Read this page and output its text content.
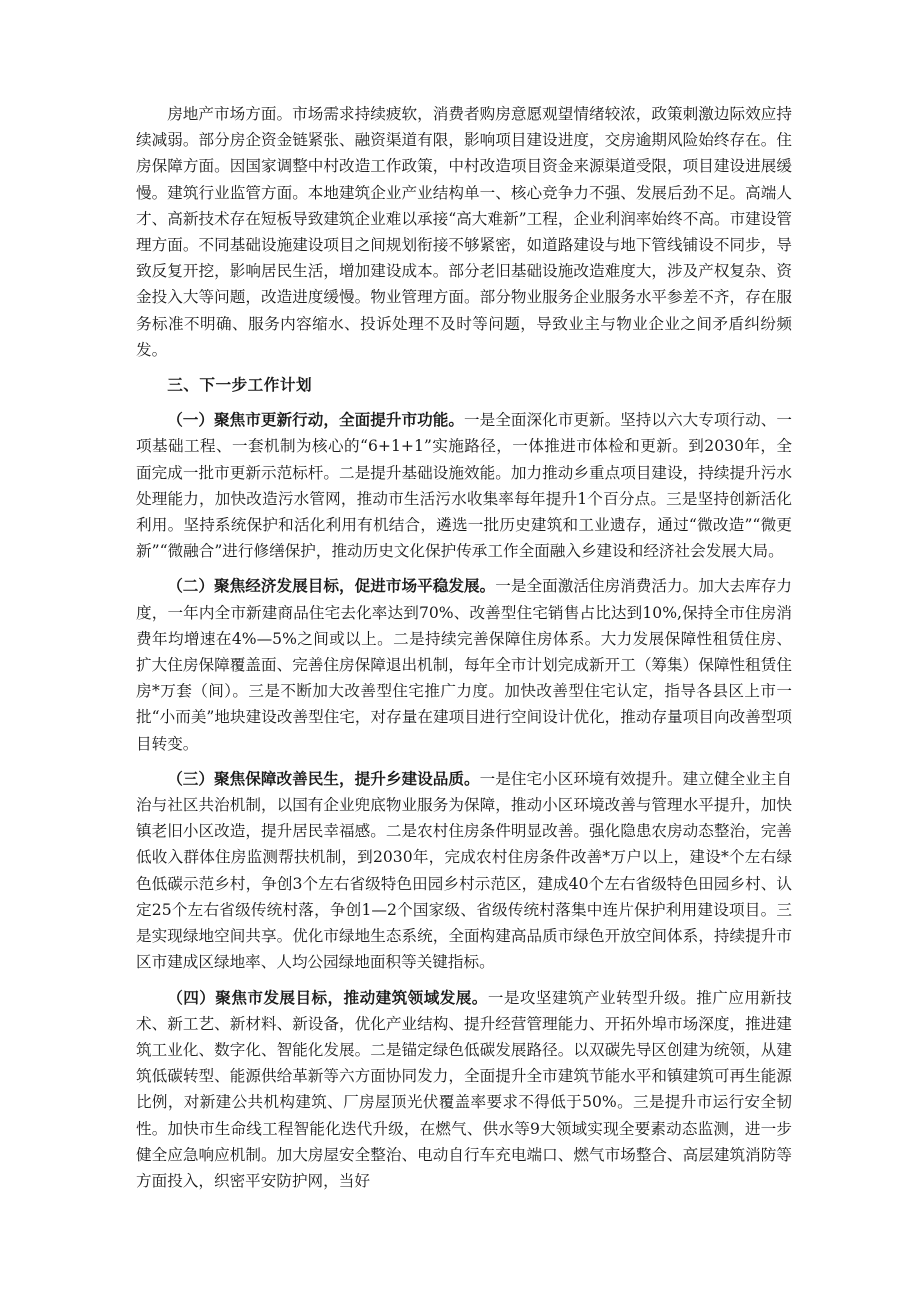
房地产市场方面。市场需求持续疲软，消费者购房意愿观望情绪较浓，政策刺激边际效应持续减弱。部分房企资金链紧张、融资渠道有限，影响项目建设进度，交房逾期风险始终存在。住房保障方面。因国家调整中村改造工作政策，中村改造项目资金来源渠道受限，项目建设进展缓慢。建筑行业监管方面。本地建筑企业产业结构单一、核心竞争力不强、发展后劲不足。高端人才、高新技术存在短板导致建筑企业难以承接“高大难新”工程，企业利润率始终不高。市建设管理方面。不同基础设施建设项目之间规划衔接不够紧密，如道路建设与地下管线铺设不同步，导致反复开挖，影响居民生活，增加建设成本。部分老旧基础设施改造难度大，涉及产权复杂、资金投入大等问题，改造进度缓慢。物业管理方面。部分物业服务企业服务水平参差不齐，存在服务标准不明确、服务内容缩水、投诉处理不及时等问题，导致业主与物业企业之间矛盾纠纷频发。

三、下一步工作计划

（一）聚焦市更新行动，全面提升市功能。一是全面深化市更新。坚持以六大专项行动、一项基础工程、一套机制为核心的“6+1+1”实施路径，一体推进市体检和更新。到2030年，全面完成一批市更新示范标杆。二是提升基础设施效能。加力推动乡重点项目建设，持续提升污水处理能力，加快改造污水管网，推动市生活污水收集率每年提升1个百分点。三是坚持创新活化利用。坚持系统保护和活化利用有机结合，遴选一批历史建筑和工业遗存，通过“微改造”“微更新”“微融合”进行修缮保护，推动历史文化保护传承工作全面融入乡建设和经济社会发展大局。

（二）聚焦经济发展目标，促进市场平稳发展。一是全面激活住房消费活力。加大去库存力度，一年内全市新建商品住宅去化率达到70%、改善型住宅销售占比达到10%,保持全市住房消费年均增速在4%—5%之间或以上。二是持续完善保障住房体系。大力发展保障性租赁住房、扩大住房保障覆盖面、完善住房保障退出机制，每年全市计划完成新开工（筹集）保障性租赁住房*万套（间）。三是不断加大改善型住宅推广力度。加快改善型住宅认定，指导各县区上市一批“小而美”地块建设改善型住宅，对存量在建项目进行空间设计优化，推动存量项目向改善型项目转变。

（三）聚焦保障改善民生，提升乡建设品质。一是住宅小区环境有效提升。建立健全业主自治与社区共治机制，以国有企业兜底物业服务为保障，推动小区环境改善与管理水平提升，加快镇老旧小区改造，提升居民幸福感。二是农村住房条件明显改善。强化隐患农房动态整治，完善低收入群体住房监测帮扶机制，到2030年，完成农村住房条件改善*万户以上，建设*个左右绿色低碳示范乡村，争创3个左右省级特色田园乡村示范区，建成40个左右省级特色田园乡村、认定25个左右省级传统村落，争创1—2个国家级、省级传统村落集中连片保护利用建设项目。三是实现绿地空间共享。优化市绿地生态系统，全面构建高品质市绿色开放空间体系，持续提升市区市建成区绿地率、人均公园绿地面积等关键指标。

（四）聚焦市发展目标，推动建筑领域发展。一是攻坚建筑产业转型升级。推广应用新技术、新工艺、新材料、新设备，优化产业结构、提升经营管理能力、开拓外埠市场深度，推进建筑工业化、数字化、智能化发展。二是锚定绿色低碳发展路径。以双碳先导区创建为统领，从建筑低碳转型、能源供给革新等六方面协同发力，全面提升全市建筑节能水平和镇建筑可再生能源比例，对新建公共机构建筑、厂房屋顶光伏覆盖率要求不得低于50%。三是提升市运行安全韧性。加快市生命线工程智能化迭代升级，在燃气、供水等9大领域实现全要素动态监测，进一步健全应急响应机制。加大房屋安全整治、电动自行车充电端口、燃气市场整合、高层建筑消防等方面投入，织密平安防护网，当好
